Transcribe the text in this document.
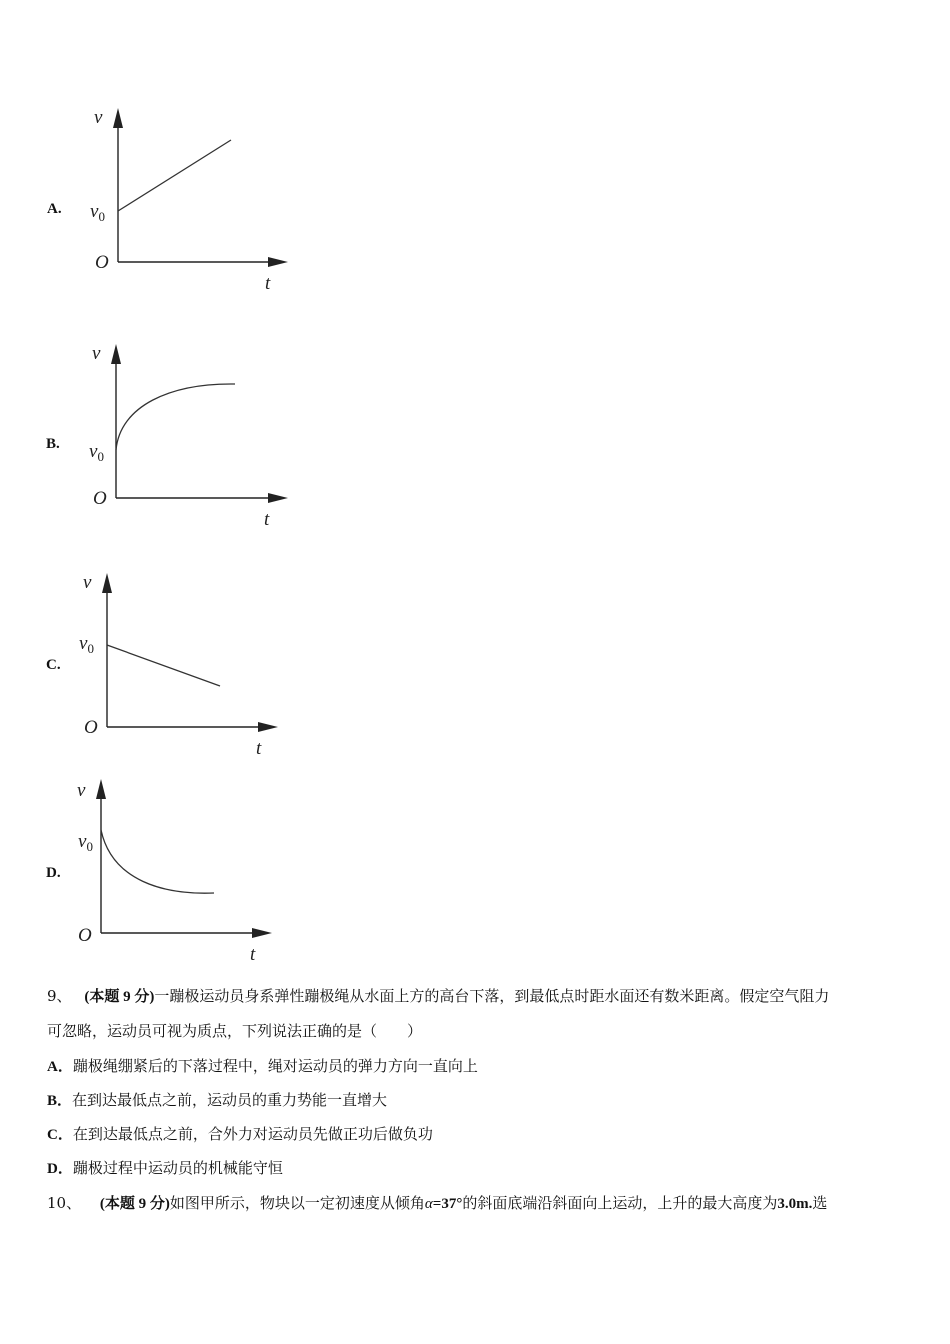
A.
v
t
O
$v_0$
B.
v
t
O
$v_0$
C.
v
t
O
$v_0$
D.
v
t
O
$v_0$
9、 (本题 9 分)一蹦极运动员身系弹性蹦极绳从水面上方的高台下落，到最低点时距水面还有数米距离。假定空气阻力
可忽略，运动员可视为质点，下列说法正确的是（　　）
A．蹦极绳绷紧后的下落过程中，绳对运动员的弹力方向一直向上
B．在到达最低点之前，运动员的重力势能一直增大
C．在到达最低点之前，合外力对运动员先做正功后做负功
D．蹦极过程中运动员的机械能守恒
10、 (本题 9 分)如图甲所示，物块以一定初速度从倾角α=37°的斜面底端沿斜面向上运动，上升的最大高度为3.0m.选
